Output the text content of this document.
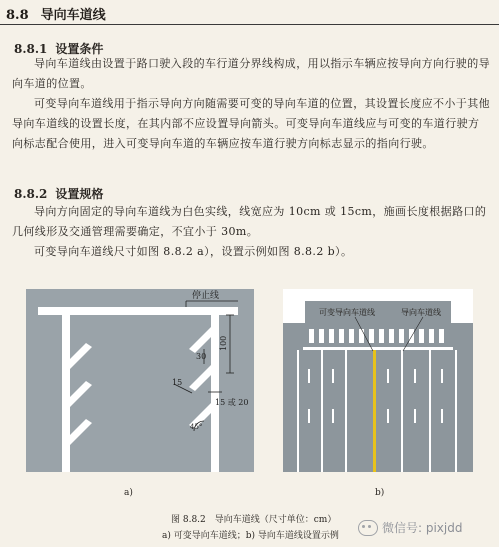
8.8 导向车道线
8.8.1 设置条件
导向车道线由设置于路口驶入段的车行道分界线构成，用以指示车辆应按导向方向行驶的导向车道的位置。
可变导向车道线用于指示导向方向随需要可变的导向车道的位置，其设置长度应不小于其他导向车道线的设置长度，在其内部不应设置导向箭头。可变导向车道线应与可变的车道行驶方向标志配合使用，进入可变导向车道的车辆应按车道行驶方向标志显示的指向行驶。
8.8.2 设置规格
导向方向固定的导向车道线为白色实线，线宽应为 10cm 或 15cm，施画长度根据路口的几何线形及交通管理需要确定，不宜小于 30m。
可变导向车道线尺寸如图 8.8.2 a），设置示例如图 8.8.2 b）。
停止线
100
30
15
15 或 20
45°
a)
可变导向车道线	导向车道线
b)
图 8.8.2　导向车道线（尺寸单位：cm）
a) 可变导向车道线；b) 导向车道线设置示例
微信号: pixjdd
